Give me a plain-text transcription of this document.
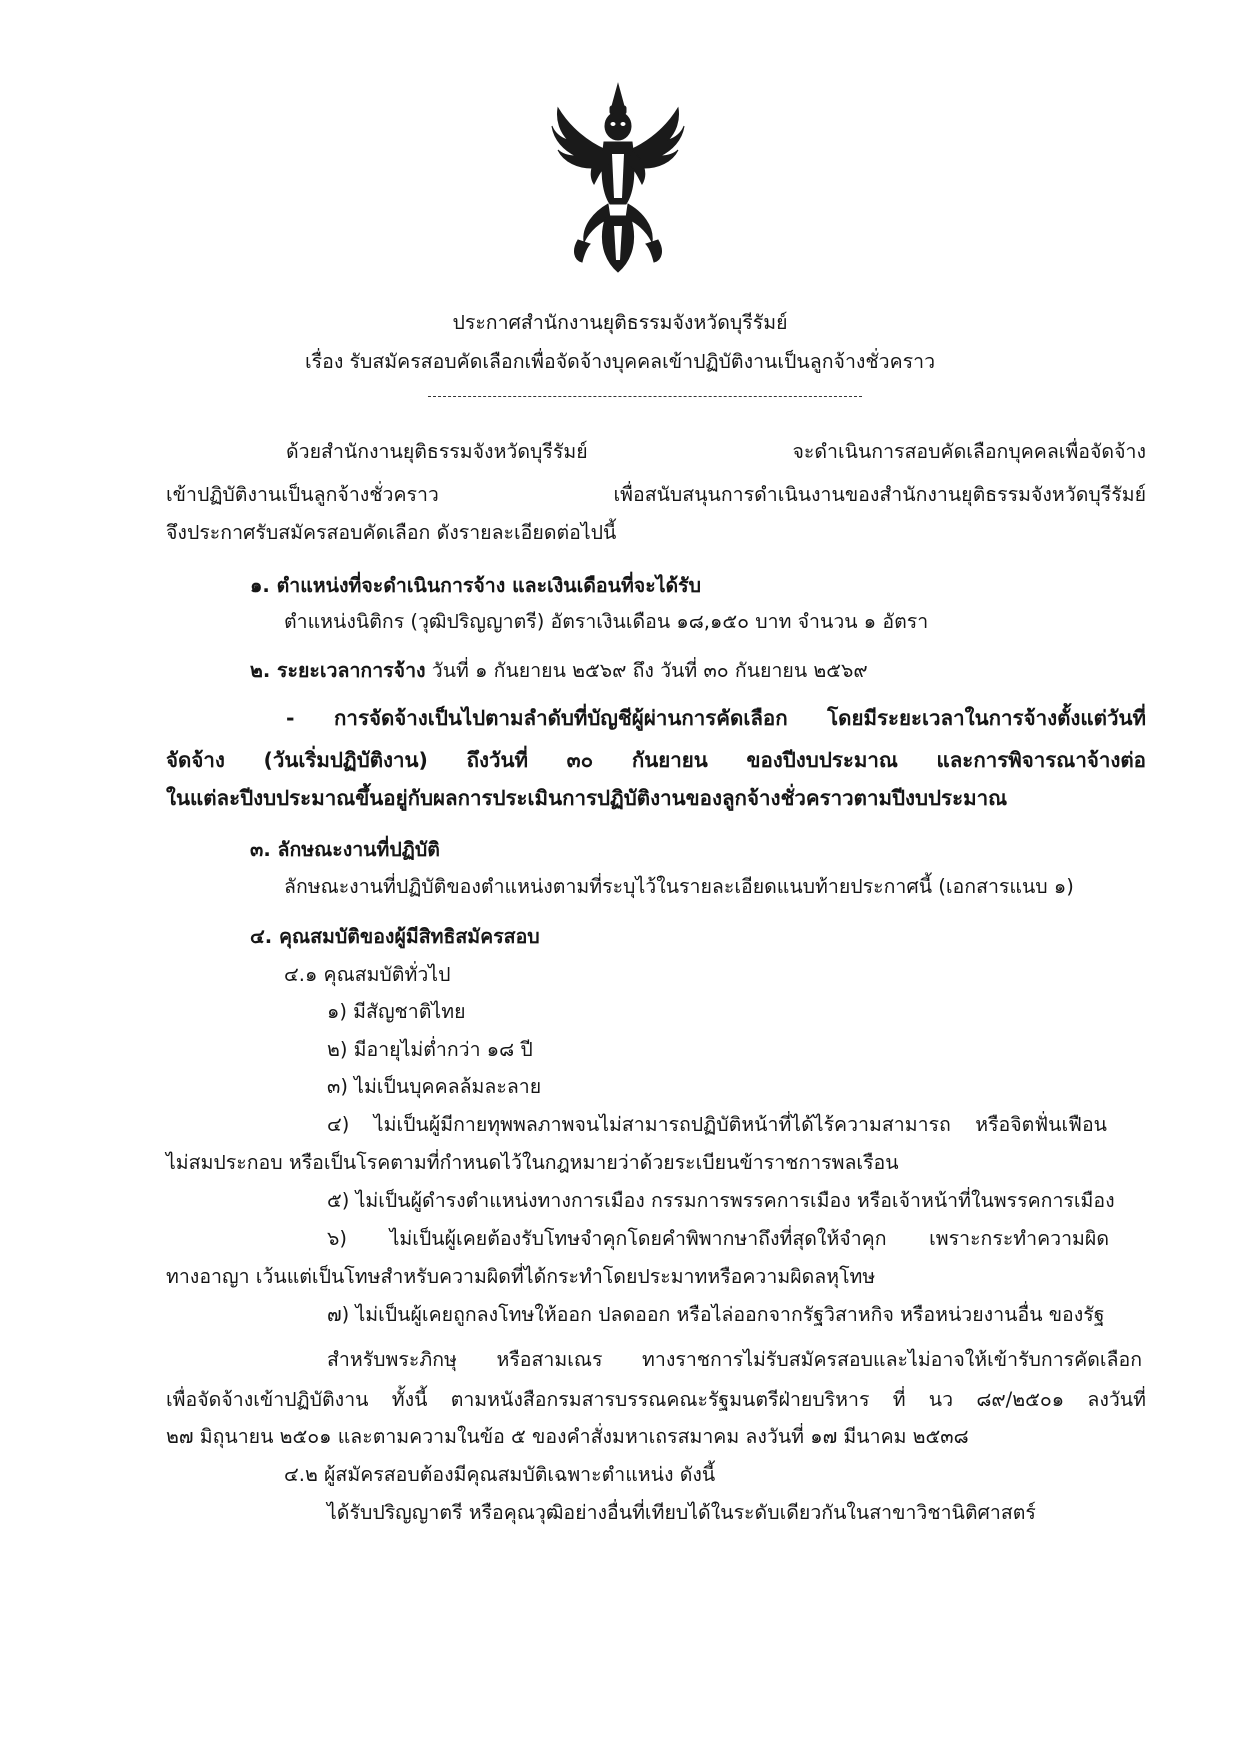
ประกาศสำนักงานยุติธรรมจังหวัดบุรีรัมย์
เรื่อง รับสมัครสอบคัดเลือกเพื่อจัดจ้างบุคคลเข้าปฏิบัติงานเป็นลูกจ้างชั่วคราว
ด้วยสำนักงานยุติธรรมจังหวัดบุรีรัมย์ จะดำเนินการสอบคัดเลือกบุคคลเพื่อจัดจ้าง
เข้าปฏิบัติงานเป็นลูกจ้างชั่วคราว เพื่อสนับสนุนการดำเนินงานของสำนักงานยุติธรรมจังหวัดบุรีรัมย์
จึงประกาศรับสมัครสอบคัดเลือก ดังรายละเอียดต่อไปนี้
๑. ตำแหน่งที่จะดำเนินการจ้าง และเงินเดือนที่จะได้รับ
ตำแหน่งนิติกร (วุฒิปริญญาตรี) อัตราเงินเดือน ๑๘,๑๕๐ บาท จำนวน ๑ อัตรา
๒. ระยะเวลาการจ้าง วันที่ ๑ กันยายน ๒๕๖๙ ถึง วันที่ ๓๐ กันยายน ๒๕๖๙
- การจัดจ้างเป็นไปตามลำดับที่บัญชีผู้ผ่านการคัดเลือก โดยมีระยะเวลาในการจ้างตั้งแต่วันที่
จัดจ้าง (วันเริ่มปฏิบัติงาน) ถึงวันที่ ๓๐ กันยายน ของปีงบประมาณ และการพิจารณาจ้างต่อ
ในแต่ละปีงบประมาณขึ้นอยู่กับผลการประเมินการปฏิบัติงานของลูกจ้างชั่วคราวตามปีงบประมาณ
๓. ลักษณะงานที่ปฏิบัติ
ลักษณะงานที่ปฏิบัติของตำแหน่งตามที่ระบุไว้ในรายละเอียดแนบท้ายประกาศนี้ (เอกสารแนบ ๑)
๔. คุณสมบัติของผู้มีสิทธิสมัครสอบ
๔.๑ คุณสมบัติทั่วไป
๑) มีสัญชาติไทย
๒) มีอายุไม่ต่ำกว่า ๑๘ ปี
๓) ไม่เป็นบุคคลล้มละลาย
๔) ไม่เป็นผู้มีกายทุพพลภาพจนไม่สามารถปฏิบัติหน้าที่ได้ไร้ความสามารถ หรือจิตฟั่นเฟือน
ไม่สมประกอบ หรือเป็นโรคตามที่กำหนดไว้ในกฎหมายว่าด้วยระเบียนข้าราชการพลเรือน
๕) ไม่เป็นผู้ดำรงตำแหน่งทางการเมือง กรรมการพรรคการเมือง หรือเจ้าหน้าที่ในพรรคการเมือง
๖) ไม่เป็นผู้เคยต้องรับโทษจำคุกโดยคำพิพากษาถึงที่สุดให้จำคุก เพราะกระทำความผิด
ทางอาญา เว้นแต่เป็นโทษสำหรับความผิดที่ได้กระทำโดยประมาทหรือความผิดลหุโทษ
๗) ไม่เป็นผู้เคยถูกลงโทษให้ออก ปลดออก หรือไล่ออกจากรัฐวิสาหกิจ หรือหน่วยงานอื่น ของรัฐ
สำหรับพระภิกษุ หรือสามเณร ทางราชการไม่รับสมัครสอบและไม่อาจให้เข้ารับการคัดเลือก
เพื่อจัดจ้างเข้าปฏิบัติงาน ทั้งนี้ ตามหนังสือกรมสารบรรณคณะรัฐมนตรีฝ่ายบริหาร ที่ นว ๘๙/๒๕๐๑ ลงวันที่
๒๗ มิถุนายน ๒๕๐๑ และตามความในข้อ ๕ ของคำสั่งมหาเถรสมาคม ลงวันที่ ๑๗ มีนาคม ๒๕๓๘
๔.๒ ผู้สมัครสอบต้องมีคุณสมบัติเฉพาะตำแหน่ง ดังนี้
ได้รับปริญญาตรี หรือคุณวุฒิอย่างอื่นที่เทียบได้ในระดับเดียวกันในสาขาวิชานิติศาสตร์
